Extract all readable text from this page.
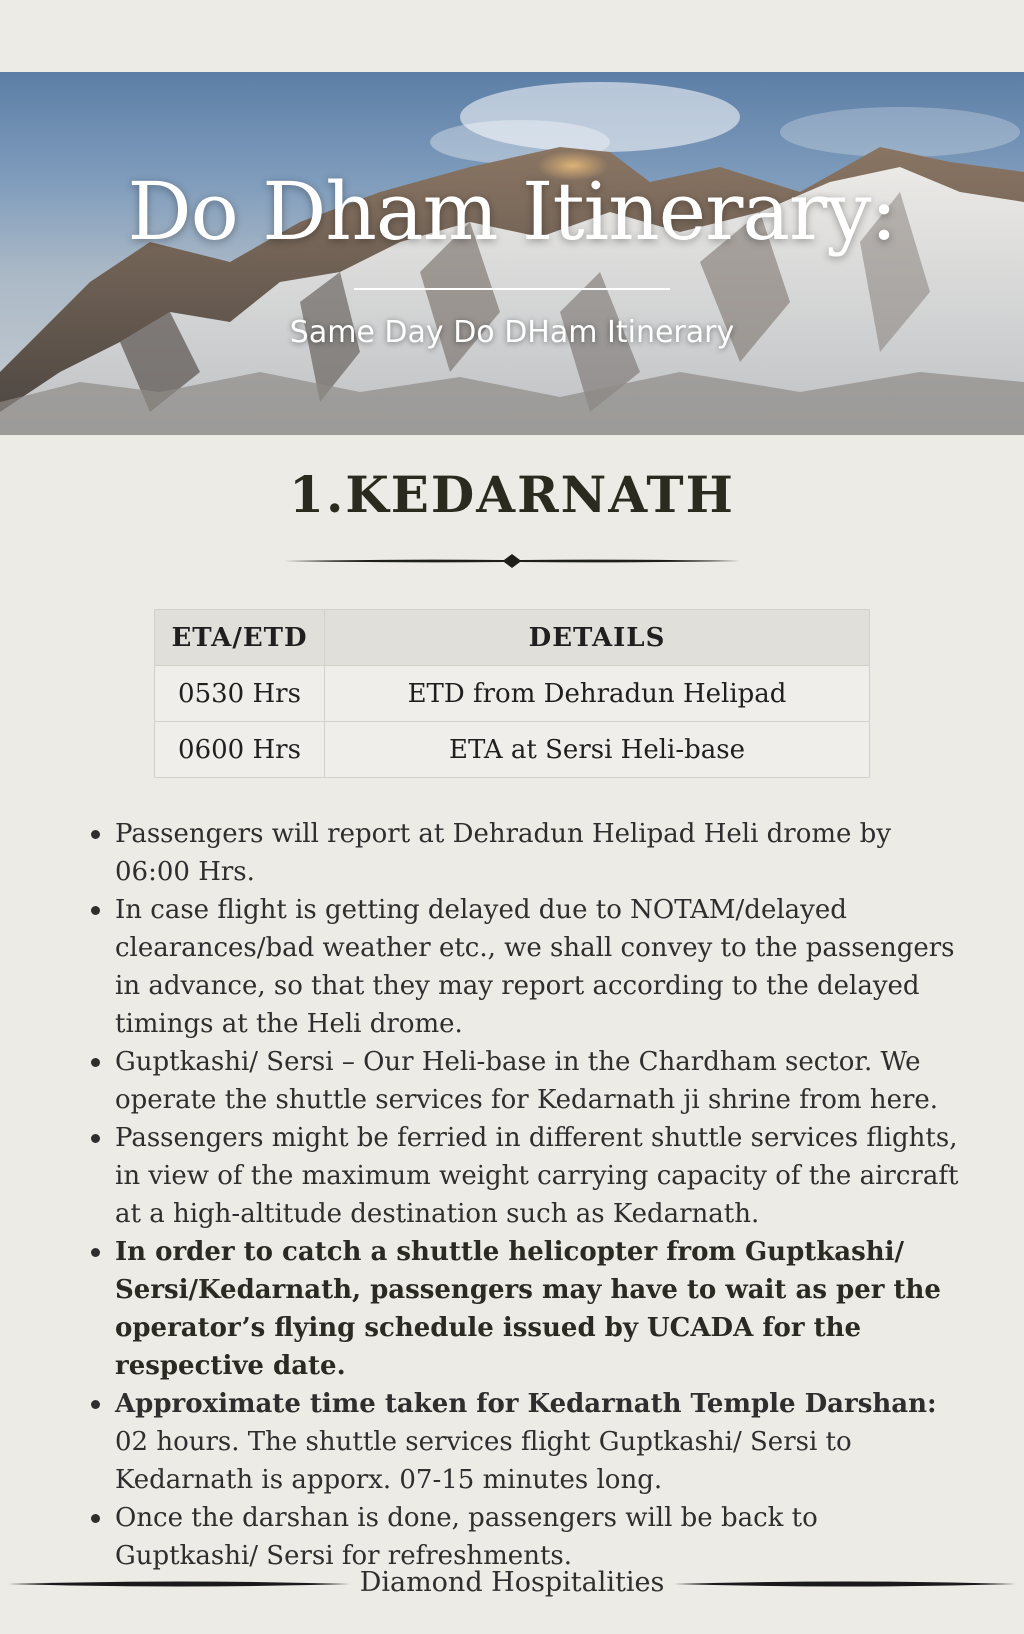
Do Dham Itinerary:
Same Day Do DHam Itinerary
1.KEDARNATH
ETA/ETD	DETAILS
0530 Hrs	ETD from Dehradun Helipad
0600 Hrs	ETA at Sersi Heli-base
Passengers will report at Dehradun Helipad Heli drome by 06:00 Hrs.
In case flight is getting delayed due to NOTAM/delayed clearances/bad weather etc., we shall convey to the passengers in advance, so that they may report according to the delayed timings at the Heli drome.
Guptkashi/ Sersi – Our Heli-base in the Chardham sector. We operate the shuttle services for Kedarnath ji shrine from here.
Passengers might be ferried in different shuttle services flights, in view of the maximum weight carrying capacity of the aircraft at a high-altitude destination such as Kedarnath.
In order to catch a shuttle helicopter from Guptkashi/ Sersi/Kedarnath, passengers may have to wait as per the operator’s flying schedule issued by UCADA for the respective date.
Approximate time taken for Kedarnath Temple Darshan: 02 hours. The shuttle services flight Guptkashi/ Sersi to Kedarnath is apporx. 07-15 minutes long.
Once the darshan is done, passengers will be back to Guptkashi/ Sersi for refreshments.
Diamond Hospitalities
